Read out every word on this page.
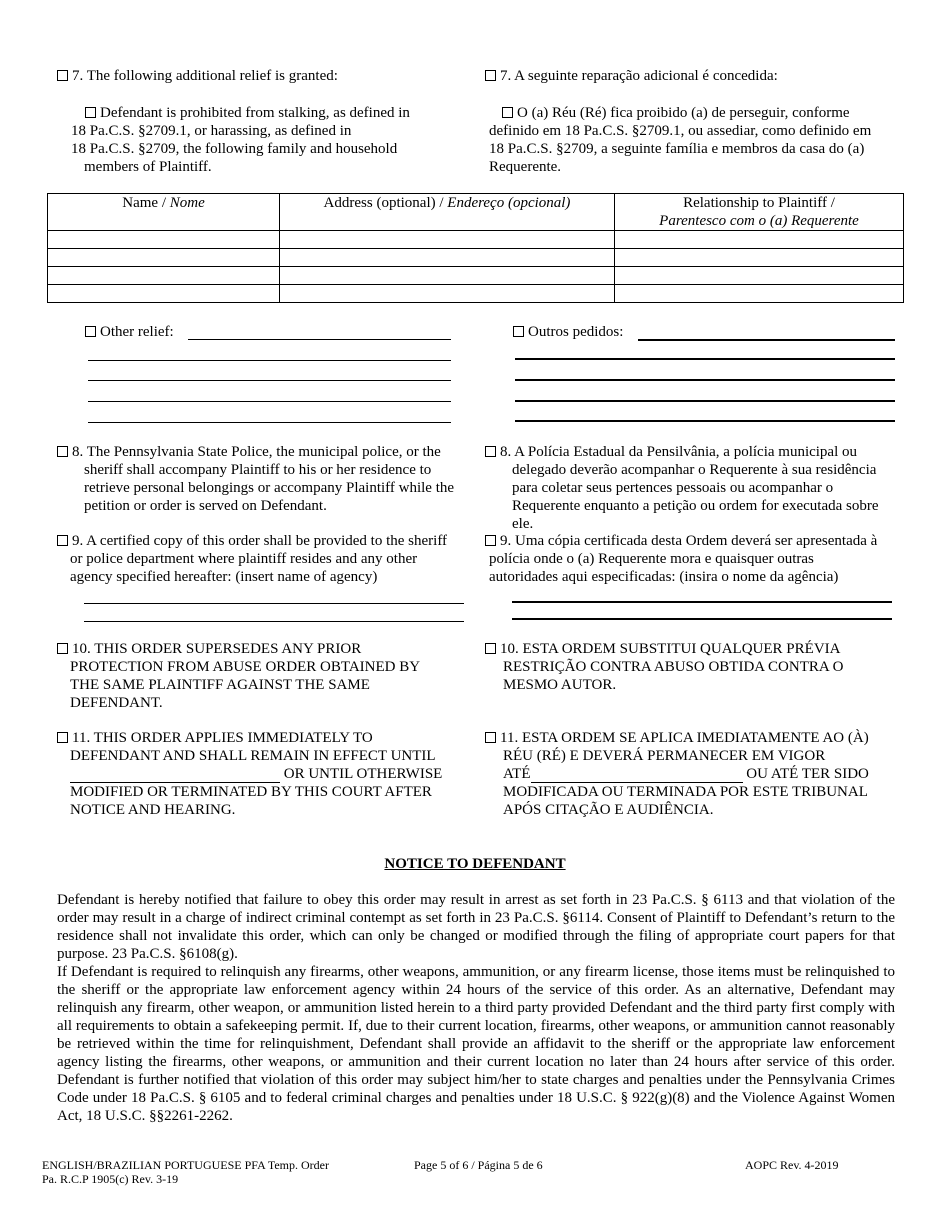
7. The following additional relief is granted:	7. A seguinte reparação adicional é concedida:
Defendant is prohibited from stalking, as defined in
18 Pa.C.S. §2709.1, or harassing, as defined in
18 Pa.C.S. §2709, the following family and household
members of Plaintiff.
O (a) Réu (Ré) fica proibido (a) de perseguir, conforme
definido em 18 Pa.C.S. §2709.1, ou assediar, como definido em
18 Pa.C.S. §2709, a seguinte família e membros da casa do (a)
Requerente.
Name / Nome	Address (optional) / Endereço (opcional)	Relationship to Plaintiff /
Parentesco com o (a) Requerente

Other relief:	Outros pedidos:
8. The Pennsylvania State Police, the municipal police, or the
sheriff shall accompany Plaintiff to his or her residence to
retrieve personal belongings or accompany Plaintiff while the
petition or order is served on Defendant.
8. A Polícia Estadual da Pensilvânia, a polícia municipal ou
delegado deverão acompanhar o Requerente à sua residência
para coletar seus pertences pessoais ou acompanhar o
Requerente enquanto a petição ou ordem for executada sobre
ele.
9. A certified copy of this order shall be provided to the sheriff
or police department where plaintiff resides and any other
agency specified hereafter: (insert name of agency)
9. Uma cópia certificada desta Ordem deverá ser apresentada à
polícia onde o (a) Requerente mora e quaisquer outras
autoridades aqui especificadas: (insira o nome da agência)
10. THIS ORDER SUPERSEDES ANY PRIOR
PROTECTION FROM ABUSE ORDER OBTAINED BY
THE SAME PLAINTIFF AGAINST THE SAME
DEFENDANT.
10. ESTA ORDEM SUBSTITUI QUALQUER PRÉVIA
RESTRIÇÃO CONTRA ABUSO OBTIDA CONTRA O
MESMO AUTOR.
11. THIS ORDER APPLIES IMMEDIATELY TO
DEFENDANT AND SHALL REMAIN IN EFFECT UNTIL
OR UNTIL OTHERWISE
MODIFIED OR TERMINATED BY THIS COURT AFTER
NOTICE AND HEARING.
11. ESTA ORDEM SE APLICA IMEDIATAMENTE AO (À)
RÉU (RÉ) E DEVERÁ PERMANECER EM VIGOR
ATÉ	OU ATÉ TER SIDO
MODIFICADA OU TERMINADA POR ESTE TRIBUNAL
APÓS CITAÇÃO E AUDIÊNCIA.
NOTICE TO DEFENDANT
Defendant is hereby notified that failure to obey this order may result in arrest as set forth in 23 Pa.C.S. § 6113 and that violation of the order may result in a charge of indirect criminal contempt as set forth in 23 Pa.C.S. §6114. Consent of Plaintiff to Defendant’s return to the residence shall not invalidate this order, which can only be changed or modified through the filing of appropriate court papers for that purpose. 23 Pa.C.S. §6108(g).
If Defendant is required to relinquish any firearms, other weapons, ammunition, or any firearm license, those items must be relinquished to the sheriff or the appropriate law enforcement agency within 24 hours of the service of this order. As an alternative, Defendant may relinquish any firearm, other weapon, or ammunition listed herein to a third party provided Defendant and the third party first comply with all requirements to obtain a safekeeping permit. If, due to their current location, firearms, other weapons, or ammunition cannot reasonably be retrieved within the time for relinquishment, Defendant shall provide an affidavit to the sheriff or the appropriate law enforcement agency listing the firearms, other weapons, or ammunition and their current location no later than 24 hours after service of this order. Defendant is further notified that violation of this order may subject him/her to state charges and penalties under the Pennsylvania Crimes Code under 18 Pa.C.S. § 6105 and to federal criminal charges and penalties under 18 U.S.C. § 922(g)(8) and the Violence Against Women Act, 18 U.S.C. §§2261-2262.
ENGLISH/BRAZILIAN PORTUGUESE PFA Temp. Order
Pa. R.C.P 1905(c) Rev. 3-19
Page 5 of 6 / Página 5 de 6	AOPC Rev. 4-2019
